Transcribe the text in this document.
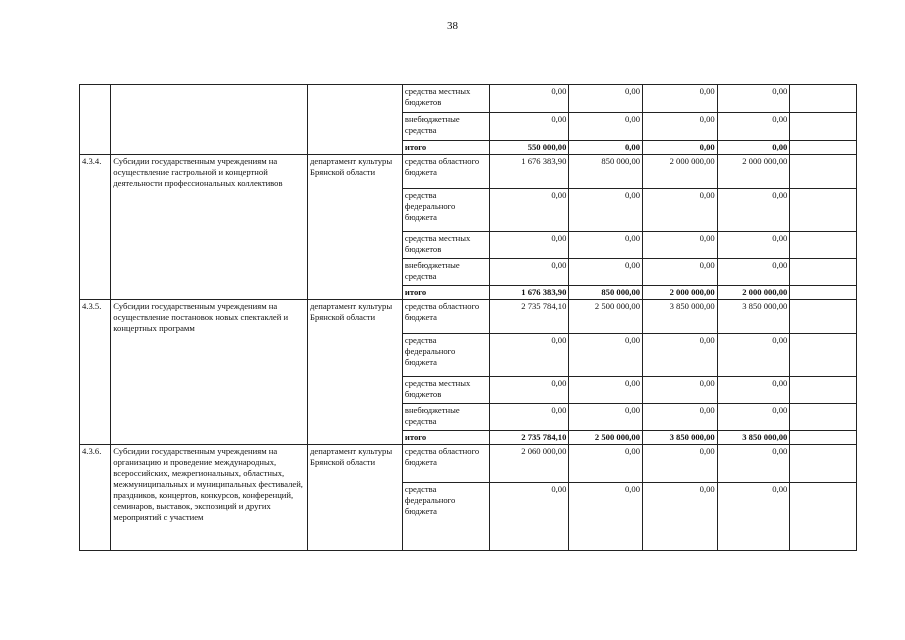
38
			средства местных бюджетов	0,00	0,00	0,00	0,00	
			внебюджетные средства	0,00	0,00	0,00	0,00	
			итого	550 000,00	0,00	0,00	0,00	
4.3.4.	Субсидии государственным учреждениям на осуществление гастрольной и концертной деятельности профессиональных коллективов	департамент культуры Брянской области	средства областного бюджета	1 676 383,90	850 000,00	2 000 000,00	2 000 000,00	
			средства федерального бюджета	0,00	0,00	0,00	0,00	
			средства местных бюджетов	0,00	0,00	0,00	0,00	
			внебюджетные средства	0,00	0,00	0,00	0,00	
			итого	1 676 383,90	850 000,00	2 000 000,00	2 000 000,00	
4.3.5.	Субсидии государственным учреждениям на осуществление постановок новых спектаклей и концертных программ	департамент культуры Брянской области	средства областного бюджета	2 735 784,10	2 500 000,00	3 850 000,00	3 850 000,00	
			средства федерального бюджета	0,00	0,00	0,00	0,00	
			средства местных бюджетов	0,00	0,00	0,00	0,00	
			внебюджетные средства	0,00	0,00	0,00	0,00	
			итого	2 735 784,10	2 500 000,00	3 850 000,00	3 850 000,00	
4.3.6.	Субсидии государственным учреждениям на организацию и проведение международных, всероссийских, межрегиональных, областных, межмуниципальных и муниципальных фестивалей, праздников, концертов, конкурсов, конференций, семинаров, выставок, экспозиций и других мероприятий с участием	департамент культуры Брянской области	средства областного бюджета	2 060 000,00	0,00	0,00	0,00	
			средства федерального бюджета	0,00	0,00	0,00	0,00	
